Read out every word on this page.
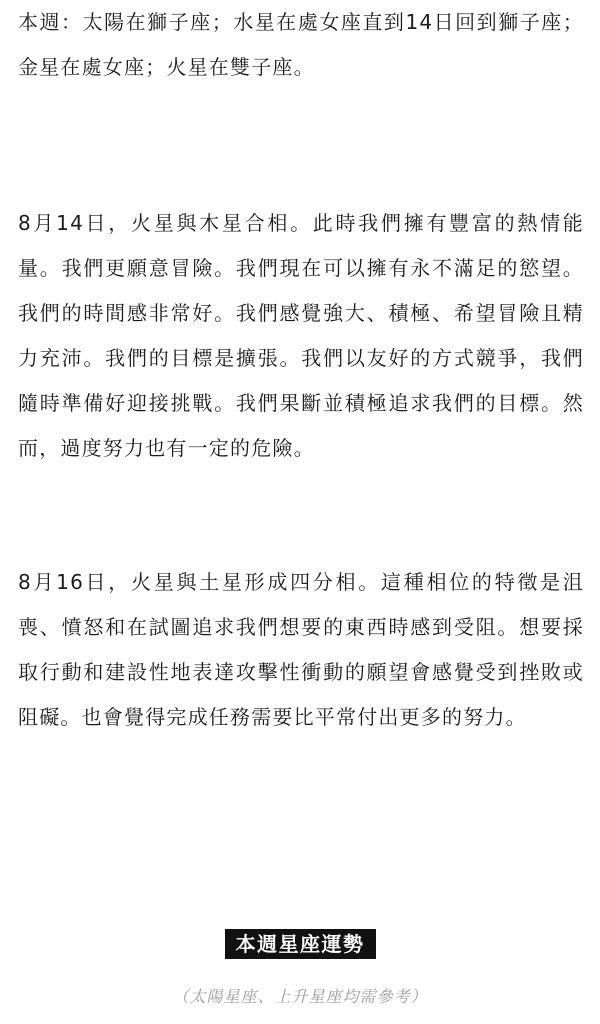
本週：太陽在獅子座；水星在處女座直到14日回到獅子座；金星在處女座；火星在雙子座。

8月14日，火星與木星合相。此時我們擁有豐富的熱情能量。我們更願意冒險。我們現在可以擁有永不滿足的慾望。我們的時間感非常好。我們感覺強大、積極、希望冒險且精力充沛。我們的目標是擴張。我們以友好的方式競爭，我們隨時準備好迎接挑戰。我們果斷並積極追求我們的目標。然而，過度努力也有一定的危險。

8月16日，火星與土星形成四分相。這種相位的特徵是沮喪、憤怒和在試圖追求我們想要的東西時感到受阻。想要採取行動和建設性地表達攻擊性衝動的願望會感覺受到挫敗或阻礙。也會覺得完成任務需要比平常付出更多的努力。

本週星座運勢
（太陽星座、上升星座均需參考）
